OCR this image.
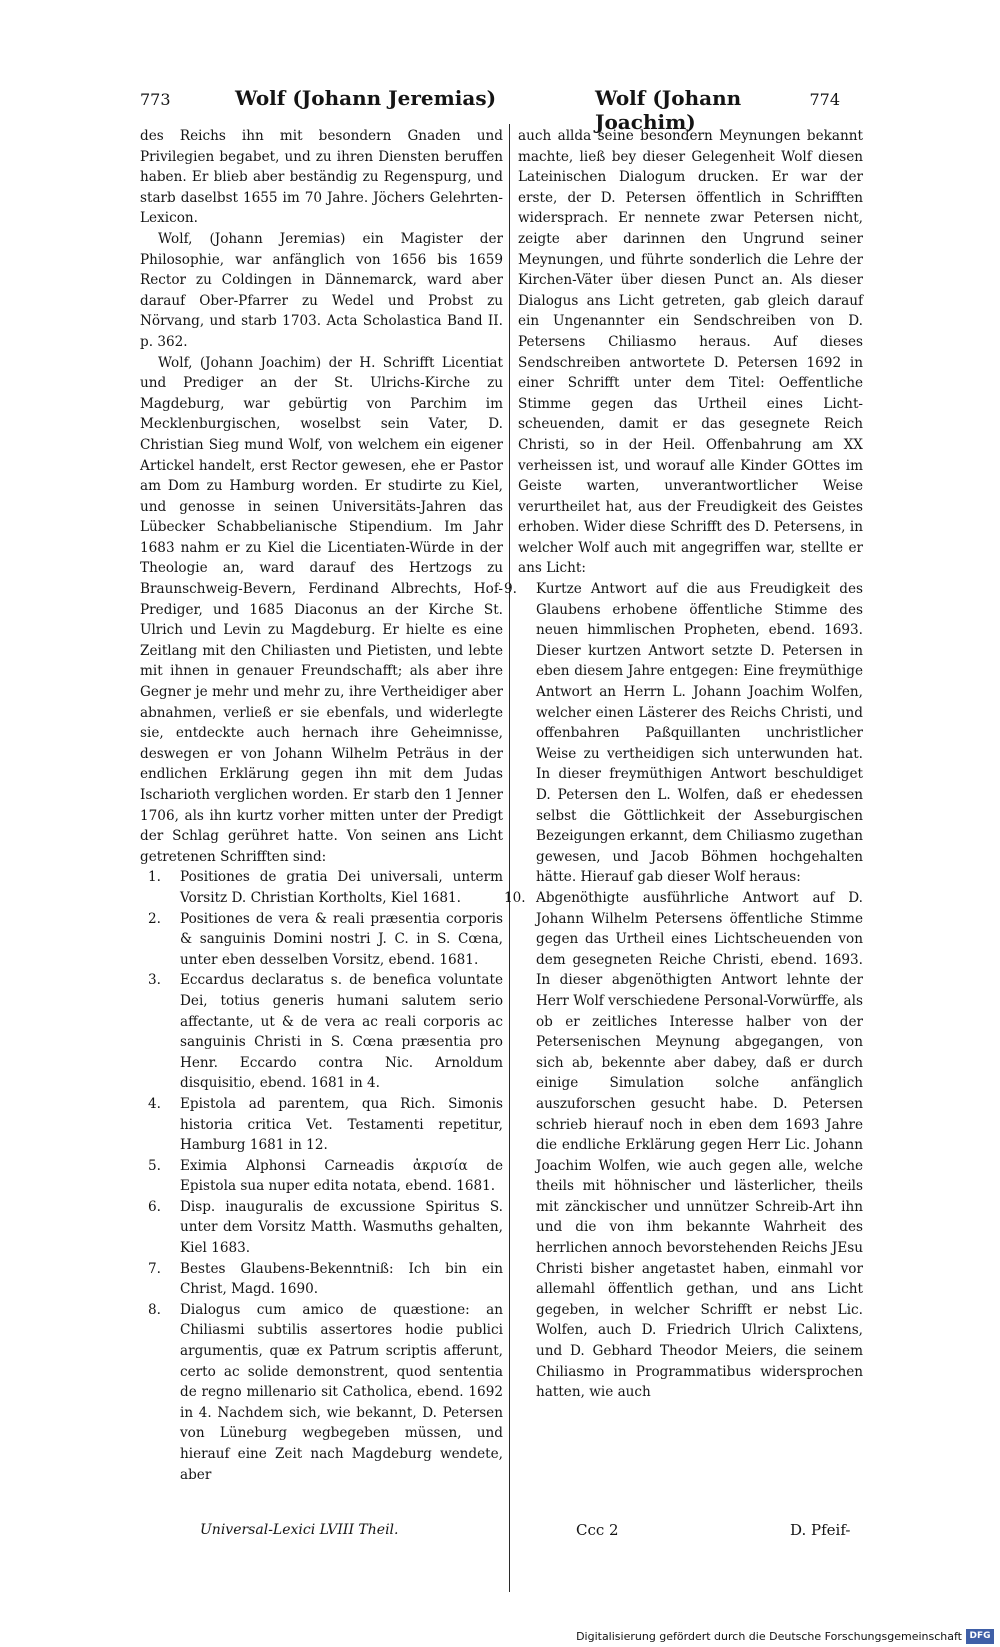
773	Wolf (Johann Jeremias)	Wolf (Johann Joachim)
774

des Reichs ihn mit besondern Gnaden und Privilegien begabet, und zu ihren Diensten beruffen haben. Er blieb aber beständig zu Regenspurg, und starb daselbst 1655 im 70 Jahre. Jöchers Gelehrten-Lexicon.

Wolf, (Johann Jeremias) ein Magister der Philosophie, war anfänglich von 1656 bis 1659 Rector zu Coldingen in Dännemarck, ward aber darauf Ober-Pfarrer zu Wedel und Probst zu Nörvang, und starb 1703. Acta Scholastica Band II. p. 362.

Wolf, (Johann Joachim) der H. Schrifft Licentiat und Prediger an der St. Ulrichs-Kirche zu Magdeburg, war gebürtig von Parchim im Mecklenburgischen, woselbst sein Vater, D. Christian Sieg mund Wolf, von welchem ein eigener Artickel handelt, erst Rector gewesen, ehe er Pastor am Dom zu Hamburg worden. Er studirte zu Kiel, und genosse in seinen Universitäts-Jahren das Lübecker Schabbelianische Stipendium. Im Jahr 1683 nahm er zu Kiel die Licentiaten-Würde in der Theologie an, ward darauf des Hertzogs zu Braunschweig-Bevern, Ferdinand Albrechts, Hof-Prediger, und 1685 Diaconus an der Kirche St. Ulrich und Levin zu Magdeburg. Er hielte es eine Zeitlang mit den Chiliasten und Pietisten, und lebte mit ihnen in genauer Freundschafft; als aber ihre Gegner je mehr und mehr zu, ihre Vertheidiger aber abnahmen, verließ er sie ebenfals, und widerlegte sie, entdeckte auch hernach ihre Geheimnisse, deswegen er von Johann Wilhelm Peträus in der endlichen Erklärung gegen ihn mit dem Judas Ischarioth verglichen worden. Er starb den 1 Jenner 1706, als ihn kurtz vorher mitten unter der Predigt der Schlag gerühret hatte. Von seinen ans Licht getretenen Schrifften sind:

1. Positiones de gratia Dei universali, unterm Vorsitz D. Christian Kortholts, Kiel 1681.
2. Positiones de vera & reali præsentia corporis & sanguinis Domini nostri J. C. in S. Cœna, unter eben desselben Vorsitz, ebend. 1681.
3. Eccardus declaratus s. de benefica voluntate Dei, totius generis humani salutem serio affectante, ut & de vera ac reali corporis ac sanguinis Christi in S. Cœna præsentia pro Henr. Eccardo contra Nic. Arnoldum disquisitio, ebend. 1681 in 4.
4. Epistola ad parentem, qua Rich. Simonis historia critica Vet. Testamenti repetitur, Hamburg 1681 in 12.
5. Eximia Alphonsi Carneadis ἀκρισία de Epistola sua nuper edita notata, ebend. 1681.
6. Disp. inauguralis de excussione Spiritus S. unter dem Vorsitz Matth. Wasmuths gehalten, Kiel 1683.
7. Bestes Glaubens-Bekenntniß: Ich bin ein Christ, Magd. 1690.
8. Dialogus cum amico de quæstione: an Chiliasmi subtilis assertores hodie publici argumentis, quæ ex Patrum scriptis afferunt, certo ac solide demonstrent, quod sententia de regno millenario sit Catholica, ebend. 1692 in 4. Nachdem sich, wie bekannt, D. Petersen von Lüneburg wegbegeben müssen, und hierauf eine Zeit nach Magdeburg wendete, aber

auch allda seine besondern Meynungen bekannt machte, ließ bey dieser Gelegenheit Wolf diesen Lateinischen Dialogum drucken. Er war der erste, der D. Petersen öffentlich in Schrifften widersprach. Er nennete zwar Petersen nicht, zeigte aber darinnen den Ungrund seiner Meynungen, und führte sonderlich die Lehre der Kirchen-Väter über diesen Punct an. Als dieser Dialogus ans Licht getreten, gab gleich darauf ein Ungenannter ein Sendschreiben von D. Petersens Chiliasmo heraus. Auf dieses Sendschreiben antwortete D. Petersen 1692 in einer Schrifft unter dem Titel: Oeffentliche Stimme gegen das Urtheil eines Licht-scheuenden, damit er das gesegnete Reich Christi, so in der Heil. Offenbahrung am XX verheissen ist, und worauf alle Kinder GOttes im Geiste warten, unverantwortlicher Weise verurtheilet hat, aus der Freudigkeit des Geistes erhoben. Wider diese Schrifft des D. Petersens, in welcher Wolf auch mit angegriffen war, stellte er ans Licht:

9. Kurtze Antwort auf die aus Freudigkeit des Glaubens erhobene öffentliche Stimme des neuen himmlischen Propheten, ebend. 1693. Dieser kurtzen Antwort setzte D. Petersen in eben diesem Jahre entgegen: Eine freymüthige Antwort an Herrn L. Johann Joachim Wolfen, welcher einen Lästerer des Reichs Christi, und offenbahren Paßquillanten unchristlicher Weise zu vertheidigen sich unterwunden hat. In dieser freymüthigen Antwort beschuldiget D. Petersen den L. Wolfen, daß er ehedessen selbst die Göttlichkeit der Asseburgischen Bezeigungen erkannt, dem Chiliasmo zugethan gewesen, und Jacob Böhmen hochgehalten hätte. Hierauf gab dieser Wolf heraus:
10. Abgenöthigte ausführliche Antwort auf D. Johann Wilhelm Petersens öffentliche Stimme gegen das Urtheil eines Lichtscheuenden von dem gesegneten Reiche Christi, ebend. 1693. In dieser abgenöthigten Antwort lehnte der Herr Wolf verschiedene Personal-Vorwürffe, als ob er zeitliches Interesse halber von der Petersenischen Meynung abgegangen, von sich ab, bekennte aber dabey, daß er durch einige Simulation solche anfänglich auszuforschen gesucht habe. D. Petersen schrieb hierauf noch in eben dem 1693 Jahre die endliche Erklärung gegen Herr Lic. Johann Joachim Wolfen, wie auch gegen alle, welche theils mit höhnischer und lästerlicher, theils mit zänckischer und unnützer Schreib-Art ihn und die von ihm bekannte Wahrheit des herrlichen annoch bevorstehenden Reichs JEsu Christi bisher angetastet haben, einmahl vor allemahl öffentlich gethan, und ans Licht gegeben, in welcher Schrifft er nebst Lic. Wolfen, auch D. Friedrich Ulrich Calixtens, und D. Gebhard Theodor Meiers, die seinem Chiliasmo in Programmatibus widersprochen hatten, wie auch
Universal-Lexici LVIII Theil.	Ccc 2	D. Pfeif-
Digitalisierung gefördert durch die Deutsche Forschungsgemeinschaft DFG
